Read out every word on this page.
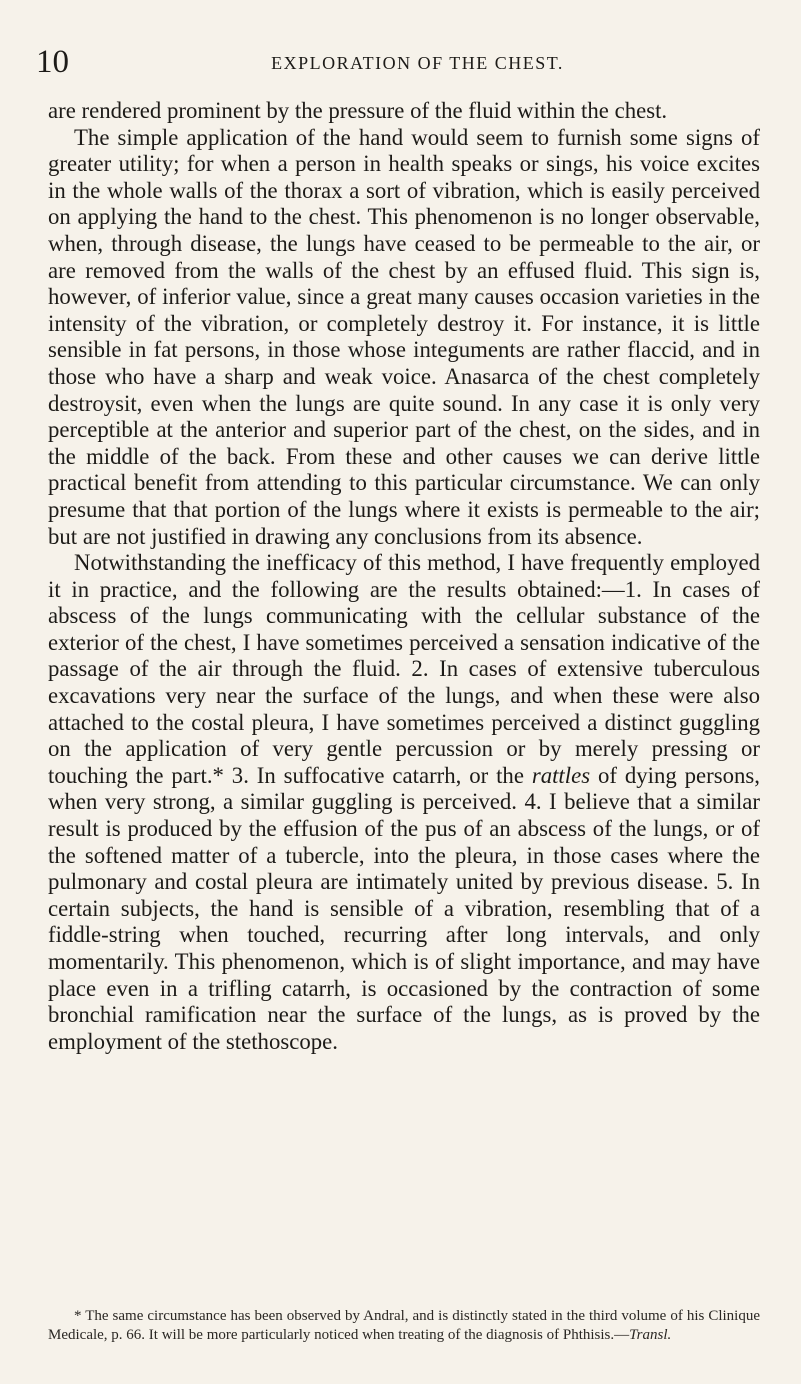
10	EXPLORATION OF THE CHEST.

are rendered prominent by the pressure of the fluid within the chest.

The simple application of the hand would seem to furnish some signs of greater utility; for when a person in health speaks or sings, his voice excites in the whole walls of the thorax a sort of vibration, which is easily perceived on applying the hand to the chest. This phenomenon is no longer observable, when, through disease, the lungs have ceased to be permeable to the air, or are removed from the walls of the chest by an effused fluid. This sign is, however, of inferior value, since a great many causes occasion varieties in the intensity of the vibration, or completely destroy it. For instance, it is little sensible in fat persons, in those whose integuments are rather flaccid, and in those who have a sharp and weak voice. Anasarca of the chest completely destroysit, even when the lungs are quite sound. In any case it is only very perceptible at the anterior and superior part of the chest, on the sides, and in the middle of the back. From these and other causes we can derive little practical benefit from attending to this particular circumstance. We can only presume that that portion of the lungs where it exists is permeable to the air; but are not justified in drawing any conclusions from its absence.

Notwithstanding the inefficacy of this method, I have frequently employed it in practice, and the following are the results obtained:—1. In cases of abscess of the lungs communicating with the cellular substance of the exterior of the chest, I have sometimes perceived a sensation indicative of the passage of the air through the fluid. 2. In cases of extensive tuberculous excavations very near the surface of the lungs, and when these were also attached to the costal pleura, I have sometimes perceived a distinct guggling on the application of very gentle percussion or by merely pressing or touching the part.* 3. In suffocative catarrh, or the rattles of dying persons, when very strong, a similar guggling is perceived. 4. I believe that a similar result is produced by the effusion of the pus of an abscess of the lungs, or of the softened matter of a tubercle, into the pleura, in those cases where the pulmonary and costal pleura are intimately united by previous disease. 5. In certain subjects, the hand is sensible of a vibration, resembling that of a fiddle-string when touched, recurring after long intervals, and only momentarily. This phenomenon, which is of slight importance, and may have place even in a trifling catarrh, is occasioned by the contraction of some bronchial ramification near the surface of the lungs, as is proved by the employment of the stethoscope.

* The same circumstance has been observed by Andral, and is distinctly stated in the third volume of his Clinique Medicale, p. 66. It will be more particularly noticed when treating of the diagnosis of Phthisis.—Transl.
